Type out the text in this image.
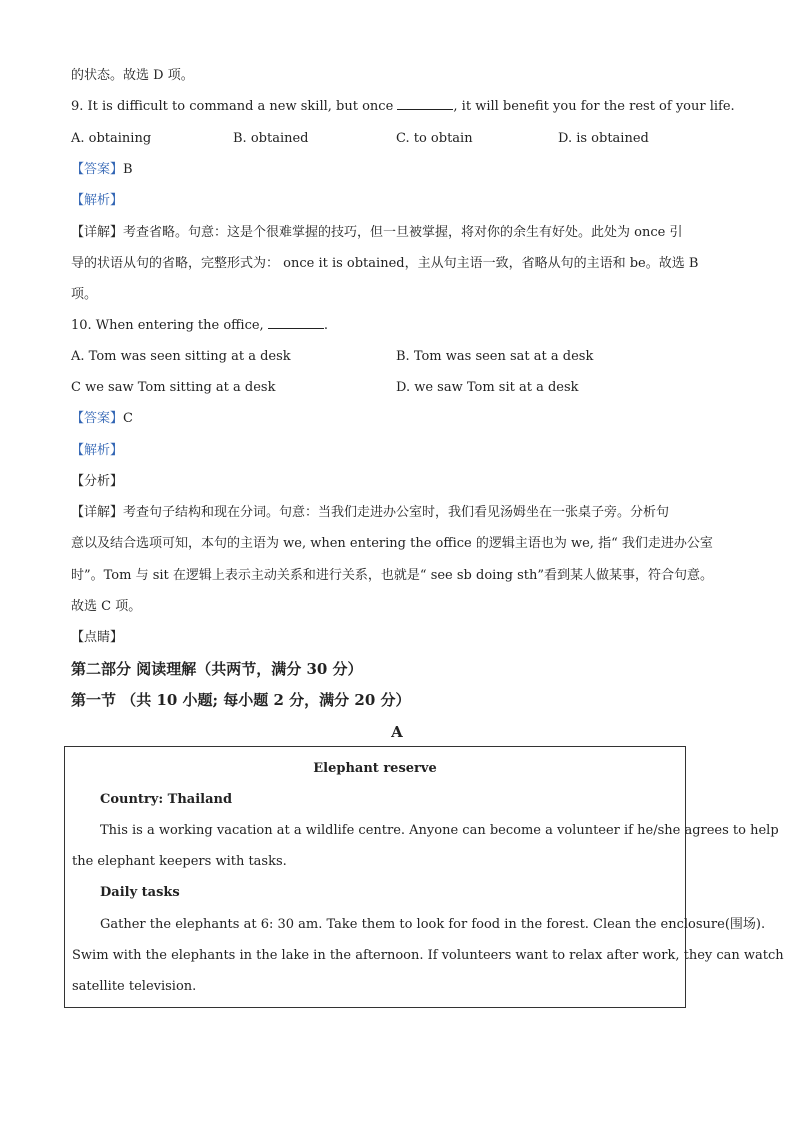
的状态。故选 D 项。
9. It is difficult to command a new skill, but once	, it will benefit you for the rest of your life.
A. obtaining	B. obtained	C. to obtain	D. is obtained
【答案】B
【解析】
【详解】考查省略。句意：这是个很难掌握的技巧，但一旦被掌握，将对你的余生有好处。此处为 once 引
导的状语从句的省略，完整形式为： once it is obtained，主从句主语一致，省略从句的主语和 be。故选 B
项。
10. When entering the office,	.
A. Tom was seen sitting at a desk	B. Tom was seen sat at a desk
C we saw Tom sitting at a desk	D. we saw Tom sit at a desk
【答案】C
【解析】
【分析】
【详解】考查句子结构和现在分词。句意：当我们走进办公室时，我们看见汤姆坐在一张桌子旁。分析句
意以及结合选项可知，本句的主语为 we, when entering the office 的逻辑主语也为 we, 指“ 我们走进办公室
时”。Tom 与 sit 在逻辑上表示主动关系和进行关系，也就是“ see sb doing sth”看到某人做某事，符合句意。
故选 C 项。
【点睛】
第二部分 阅读理解（共两节，满分 30 分）
第一节 （共 10 小题; 每小题 2 分，满分 20 分）
A
Elephant reserve
Country: Thailand
This is a working vacation at a wildlife centre. Anyone can become a volunteer if he/she agrees to help
the elephant keepers with tasks.
Daily tasks
Gather the elephants at 6: 30 am. Take them to look for food in the forest. Clean the enclosure(围场).
Swim with the elephants in the lake in the afternoon. If volunteers want to relax after work, they can watch
satellite television.
